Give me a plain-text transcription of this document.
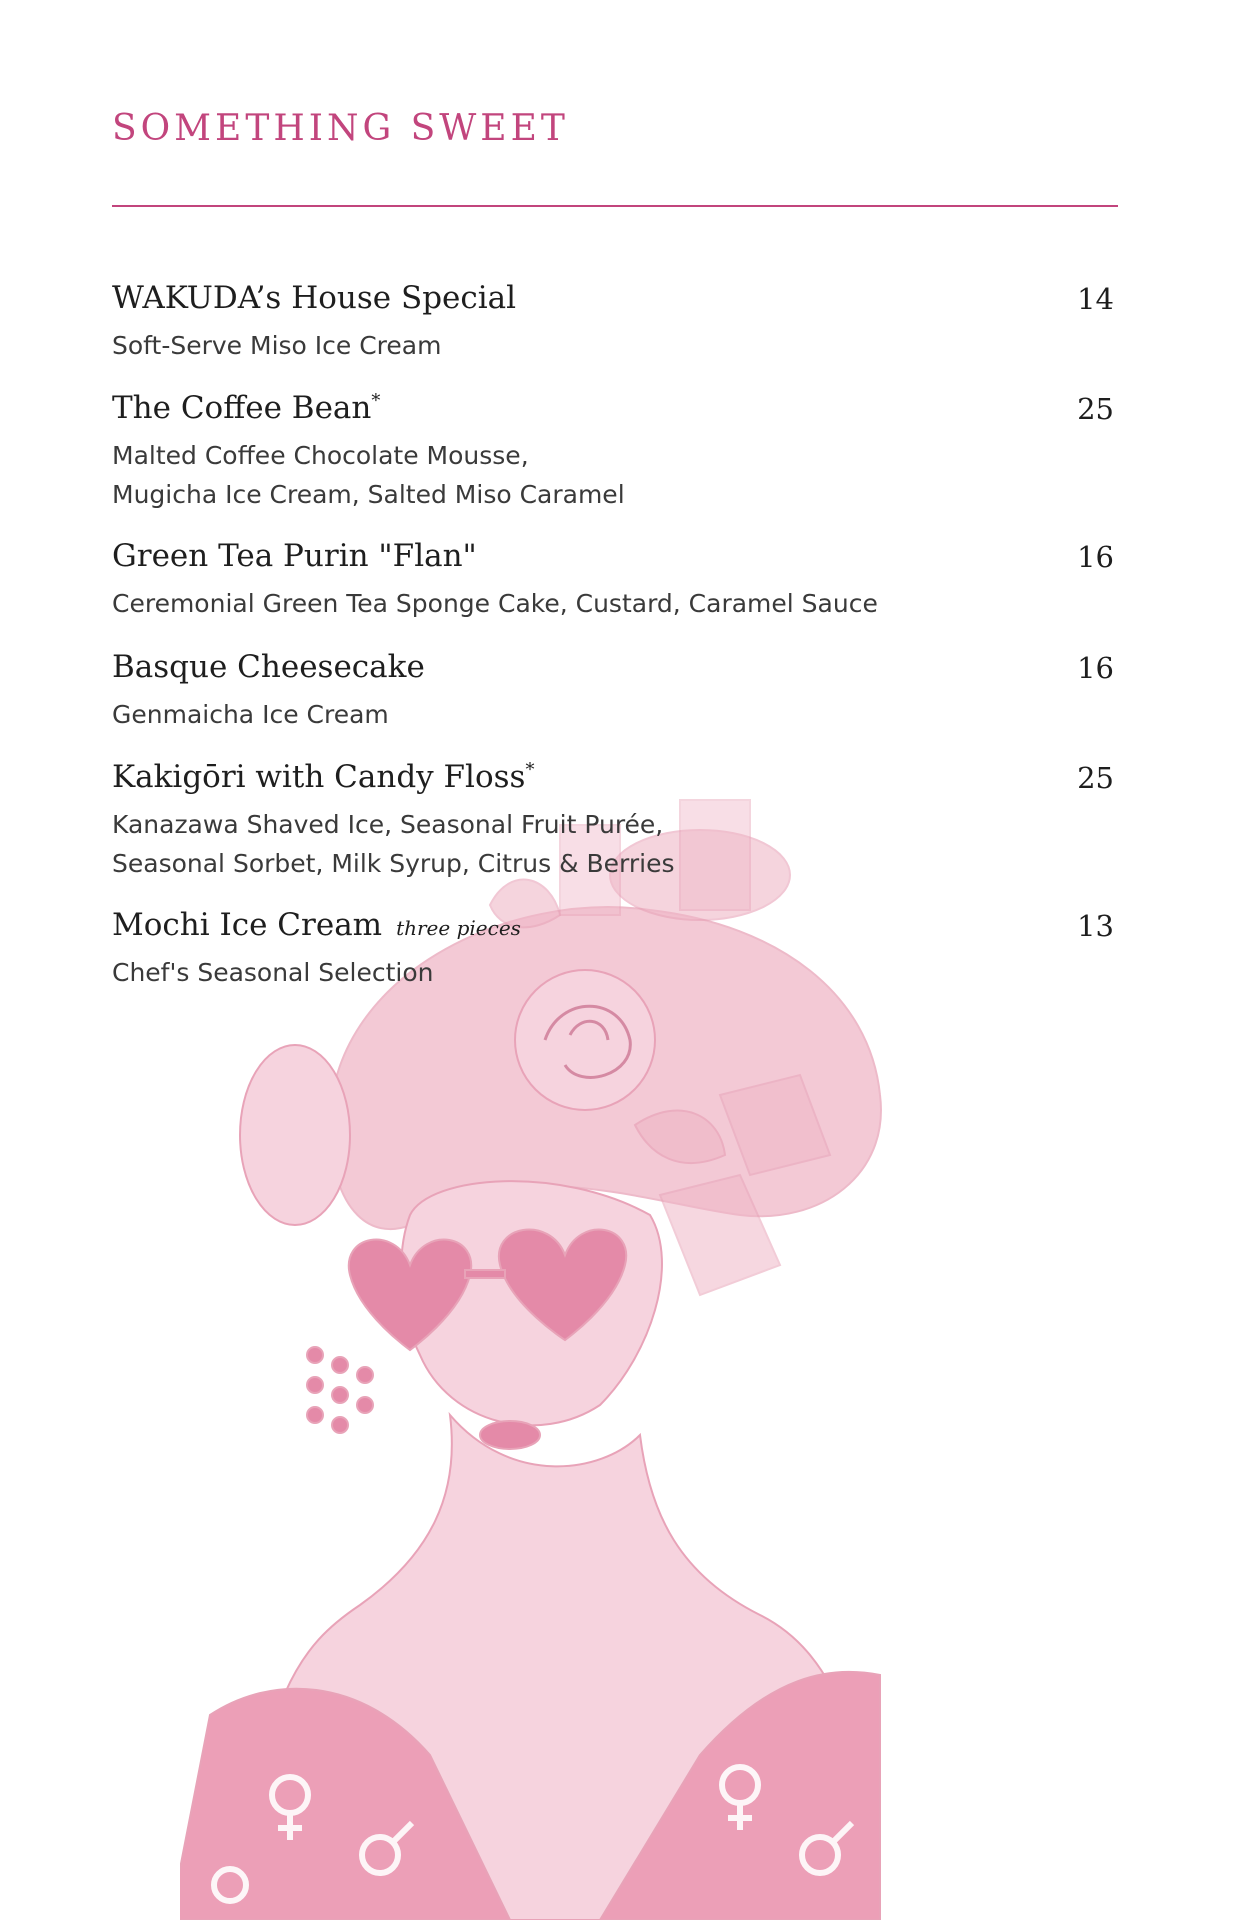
SOMETHING SWEET
WAKUDA’s House Special	14
Soft-Serve Miso Ice Cream
The Coffee Bean*	25
Malted Coffee Chocolate Mousse,
Mugicha Ice Cream, Salted Miso Caramel
Green Tea Purin "Flan"	16
Ceremonial Green Tea Sponge Cake, Custard, Caramel Sauce
Basque Cheesecake	16
Genmaicha Ice Cream
Kakigōri with Candy Floss*	25
Kanazawa Shaved Ice, Seasonal Fruit Purée,
Seasonal Sorbet, Milk Syrup, Citrus & Berries
Mochi Ice Cream three pieces	13
Chef's Seasonal Selection
